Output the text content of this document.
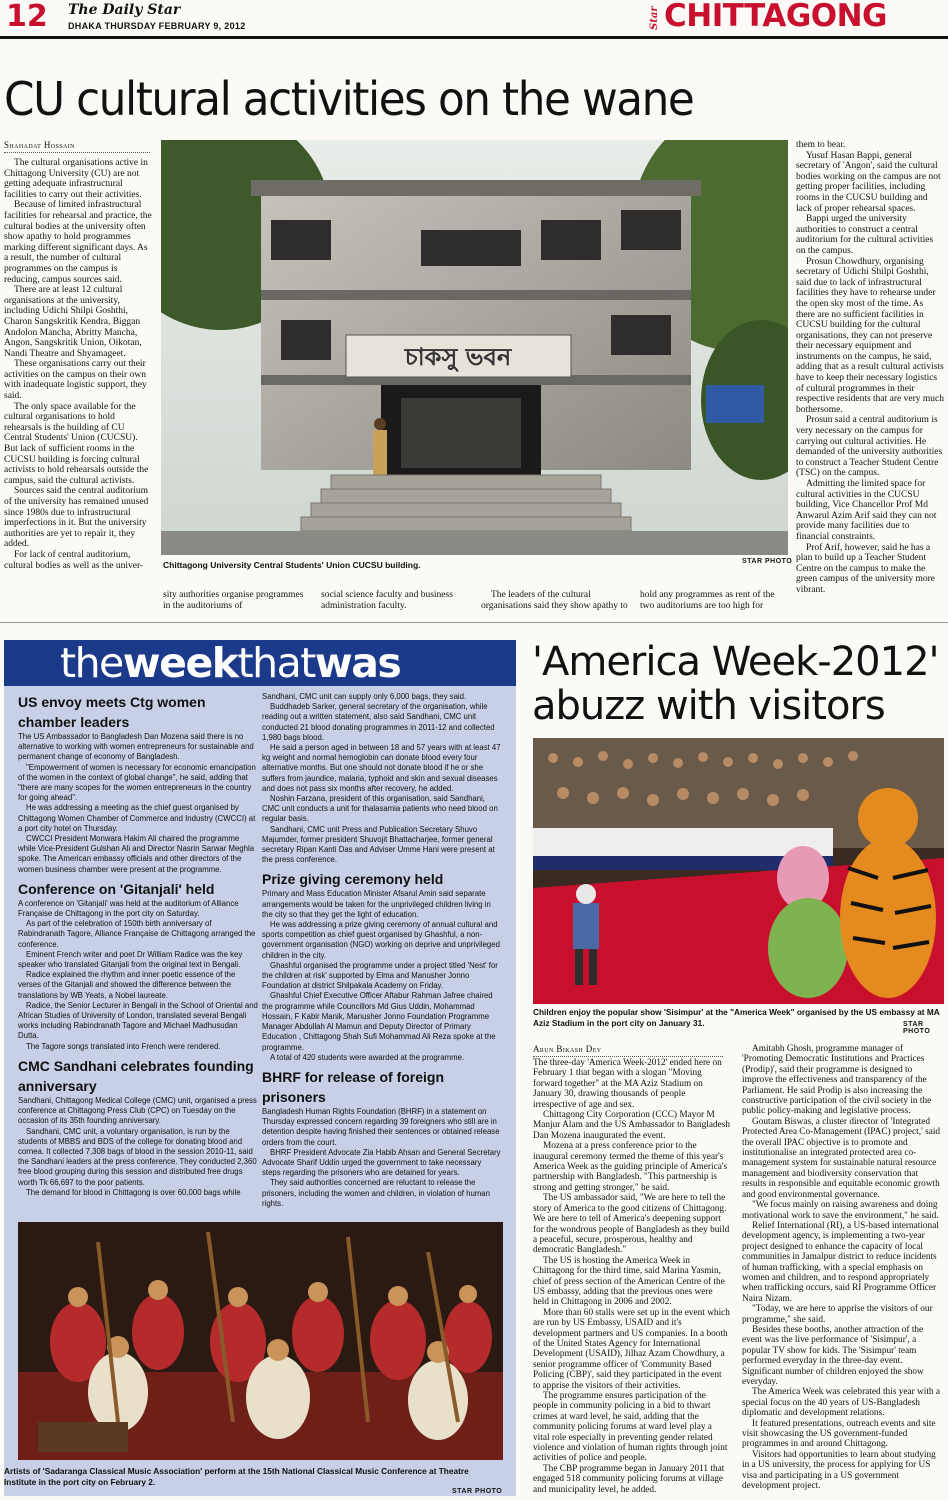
12 The Daily Star
DHAKA THURSDAY FEBRUARY 9, 2012	Star CHITTAGONG
CU cultural activities on the wane
Shahadat Hossain

The cultural organisations active in Chittagong University (CU) are not getting adequate infrastructural facilities to carry out their activities.

Because of limited infrastructural facilities for rehearsal and practice, the cultural bodies at the university often show apathy to hold programmes marking different significant days. As a result, the number of cultural programmes on the campus is reducing, campus sources said.

There are at least 12 cultural organisations at the university, including Udichi Shilpi Goshthi, Charon Sangskritik Kendra, Biggan Andolon Mancha, Abritty Mancha, Angon, Sangskritik Union, Oikotan, Nandi Theatre and Shyamageet.

These organisations carry out their activities on the campus on their own with inadequate logistic support, they said.

The only space available for the cultural organisations to hold rehearsals is the building of CU Central Students' Union (CUCSU). But lack of sufficient rooms in the CUCSU building is forcing cultural activists to hold rehearsals outside the campus, said the cultural activists.

Sources said the central auditorium of the university has remained unused since 1980s due to infrastructural imperfections in it. But the university authorities are yet to repair it, they added.

For lack of central auditorium, cultural bodies as well as the univer-

চাকসু ভবন
Chittagong University Central Students' Union CUCSU building.	STAR PHOTO

sity authorities organise programmes in the auditoriums of

social science faculty and business administration faculty.

The leaders of the cultural organisations said they show apathy to

hold any programmes as rent of the two auditoriums are too high for

them to bear.

Yusuf Hasan Bappi, general secretary of 'Angon', said the cultural bodies working on the campus are not getting proper facilities, including rooms in the CUCSU building and lack of proper rehearsal spaces.

Bappi urged the university authorities to construct a central auditorium for the cultural activities on the campus.

Prosun Chowdhury, organising secretary of Udichi Shilpi Goshthi, said due to lack of infrastructural facilities they have to rehearse under the open sky most of the time. As there are no sufficient facilities in CUCSU building for the cultural organisations, they can not preserve their necessary equipment and instruments on the campus, he said, adding that as a result cultural activists have to keep their necessary logistics of cultural programmes in their respective residents that are very much bothersome.

Prosun said a central auditorium is very necessary on the campus for carrying out cultural activities. He demanded of the university authorities to construct a Teacher Student Centre (TSC) on the campus.

Admitting the limited space for cultural activities in the CUCSU building, Vice Chancellor Prof Md Anwarul Azim Arif said they can not provide many facilities due to financial constraints.

Prof Arif, however, said he has a plan to build up a Teacher Student Centre on the campus to make the green campus of the university more vibrant.

theweekthatwas
US envoy meets Ctg women chamber leaders

The US Ambassador to Bangladesh Dan Mozena said there is no alternative to working with women entrepreneurs for sustainable and permanent change of economy of Bangladesh.

"Empowerment of women is necessary for economic emancipation of the women in the context of global change", he said, adding that "there are many scopes for the women entrepreneurs in the country for going ahead".

He was addressing a meeting as the chief guest organised by Chittagong Women Chamber of Commerce and Industry (CWCCI) at a port city hotel on Thursday.

CWCCI President Monwara Hakim Ali chaired the programme while Vice-President Gulshan Ali and Director Nasrin Sarwar Meghla spoke. The American embassy officials and other directors of the women business chamber were present at the programme.

Conference on 'Gitanjali' held

A conference on 'Gitanjali' was held at the auditorium of Alliance Française de Chittagong in the port city on Saturday.

As part of the celebration of 150th birth anniversary of Rabindranath Tagore, Alliance Française de Chittagong arranged the conference.

Eminent French writer and poet Dr William Radice was the key speaker who translated Gitanjali from the original text in Bengali.

Radice explained the rhythm and inner poetic essence of the verses of the Gitanjali and showed the difference between the translations by WB Yeats, a Nobel laureate.

Radice, the Senior Lecturer in Bengali in the School of Oriental and African Studies of University of London, translated several Bengali works including Rabindranath Tagore and Michael Madhusudan Dutta.

The Tagore songs translated into French were rendered.

CMC Sandhani celebrates founding anniversary

Sandhani, Chittagong Medical College (CMC) unit, organised a press conference at Chittagong Press Club (CPC) on Tuesday on the occasion of its 35th founding anniversary.

Sandhani, CMC unit, a voluntary organisation, is run by the students of MBBS and BDS of the college for donating blood and cornea. It collected 7,308 bags of blood in the session 2010-11, said the Sandhani leaders at the press conference. They conducted 2,360 free blood grouping during this session and distributed free drugs worth Tk 66,697 to the poor patients.

The demand for blood in Chittagong is over 60,000 bags while

Sandhani, CMC unit can supply only 6,000 bags, they said.

Buddhadeb Sarker, general secretary of the organisation, while reading out a written statement, also said Sandhani, CMC unit conducted 21 blood donating programmes in 2011-12 and collected 1,980 bags blood.

He said a person aged in between 18 and 57 years with at least 47 kg weight and normal hemoglobin can donate blood every four alternative months. But one should not donate blood if he or she suffers from jaundice, malaria, typhoid and skin and sexual diseases and does not pass six months after recovery, he added.

Noshin Farzana, president of this organisation, said Sandhani, CMC unit conducts a unit for thalasamia patients who need blood on regular basis.

Sandhani, CMC unit Press and Publication Secretary Shuvo Majumder, former president Shuvojit Bhattacharjee, former general secretary Ripan Kanti Das and Adviser Umme Hani were present at the press conference.

Prize giving ceremony held

Primary and Mass Education Minister Afsarul Amin said separate arrangements would be taken for the unprivileged children living in the city so that they get the light of education.

He was addressing a prize giving ceremony of annual cultural and sports competition as chief guest organised by Ghashful, a non-government organisation (NGO) working on deprive and unprivileged children in the city.

Ghashful organised the programme under a project titled 'Nest' for the children at risk' supported by Elma and Manusher Jonno Foundation at district Shilpakala Academy on Friday.

Ghashful Chief Executive Officer Aftabur Rahman Jafree chaired the programme while Councillors Md Gius Uddin, Mohammad Hossain, F Kabir Manik, Manusher Jonno Foundation Programme Manager Abdullah Al Mamun and Deputy Director of Primary Education , Chittagong Shah Sufi Mohammad Ali Reza spoke at the programme.

A total of 420 students were awarded at the programme.

BHRF for release of foreign prisoners

Bangladesh Human Rights Foundation (BHRF) in a statement on Thursday expressed concern regarding 39 foreigners who still are in detention despite having finished their sentences or obtained release orders from the court.

BHRF President Advocate Zia Habib Ahsan and General Secretary Advocate Sharif Uddin urged the government to take necessary steps regarding the prisoners who are detained for years.

They said authorities concerned are reluctant to release the prisoners, including the women and children, in violation of human rights.

Artists of 'Sadaranga Classical Music Association' perform at the 15th National Classical Music Conference at Theatre Institute in the port city on February 2.
STAR PHOTO
'America Week-2012'
abuzz with visitors
Children enjoy the popular show 'Sisimpur' at the "America Week" organised by the US embassy at MA Aziz Stadium in the port city on January 31.	STAR PHOTO
Arun Bikash Dey

The three-day 'America Week-2012' ended here on February 1 that began with a slogan "Moving forward together" at the MA Aziz Stadium on January 30, drawing thousands of people irrespective of age and sex.

Chittagong City Corporation (CCC) Mayor M Manjur Alam and the US Ambassador to Bangladesh Dan Mozena inaugurated the event.

Mozena at a press conference prior to the inaugural ceremony termed the theme of this year's America Week as the guiding principle of America's partnership with Bangladesh. "This partnership is strong and getting stronger," he said.

The US ambassador said, "We are here to tell the story of America to the good citizens of Chittagong. We are here to tell of America's deepening support for the wondrous people of Bangladesh as they build a peaceful, secure, prosperous, healthy and democratic Bangladesh."

The US is hosting the America Week in Chittagong for the third time, said Marina Yasmin, chief of press section of the American Centre of the US embassy, adding that the previous ones were held in Chittagong in 2006 and 2002.

More than 60 stalls were set up in the event which are run by US Embassy, USAID and it's development partners and US companies. In a booth of the United States Agency for International Development (USAID), Jilhaz Azam Chowdhury, a senior programme officer of 'Community Based Policing (CBP)', said they participated in the event to apprise the visitors of their activities.

The programme ensures participation of the people in community policing in a bid to thwart crimes at ward level, he said, adding that the community policing forums at ward level play a vital role especially in preventing gender related violence and violation of human rights through joint activities of police and people.

The CBP programme began in January 2011 that engaged 518 community policing forums at village and municipality level, he added.

Amitabh Ghosh, programme manager of 'Promoting Democratic Institutions and Practices (Prodip)', said their programme is designed to improve the effectiveness and transparency of the Parliament. He said Prodip is also increasing the constructive participation of the civil society in the public policy-making and legislative process.

Goutam Biswas, a cluster director of 'Integrated Protected Area Co-Management (IPAC) project,' said the overall IPAC objective is to promote and institutionalise an integrated protected area co-management system for sustainable natural resource management and biodiversity conservation that results in responsible and equitable economic growth and good environmental governance.

"We focus mainly on raising awareness and doing motivational work to save the environment," he said.

Relief International (RI), a US-based international development agency, is implementing a two-year project designed to enhance the capacity of local communities in Jamalpur district to reduce incidents of human trafficking, with a special emphasis on women and children, and to respond appropriately when trafficking occurs, said RI Programme Officer Naira Nizam.

"Today, we are here to apprise the visitors of our programme," she said.

Besides these booths, another attraction of the event was the live performance of 'Sisimpur', a popular TV show for kids. The 'Sisimpur' team performed everyday in the three-day event. Significant number of children enjoyed the show everyday.

The America Week was celebrated this year with a special focus on the 40 years of US-Bangladesh diplomatic and development relations.

It featured presentations, outreach events and site visit showcasing the US government-funded programmes in and around Chittagong.

Visitors had opportunities to learn about studying in a US university, the process for applying for US visa and participating in a US government development project.
